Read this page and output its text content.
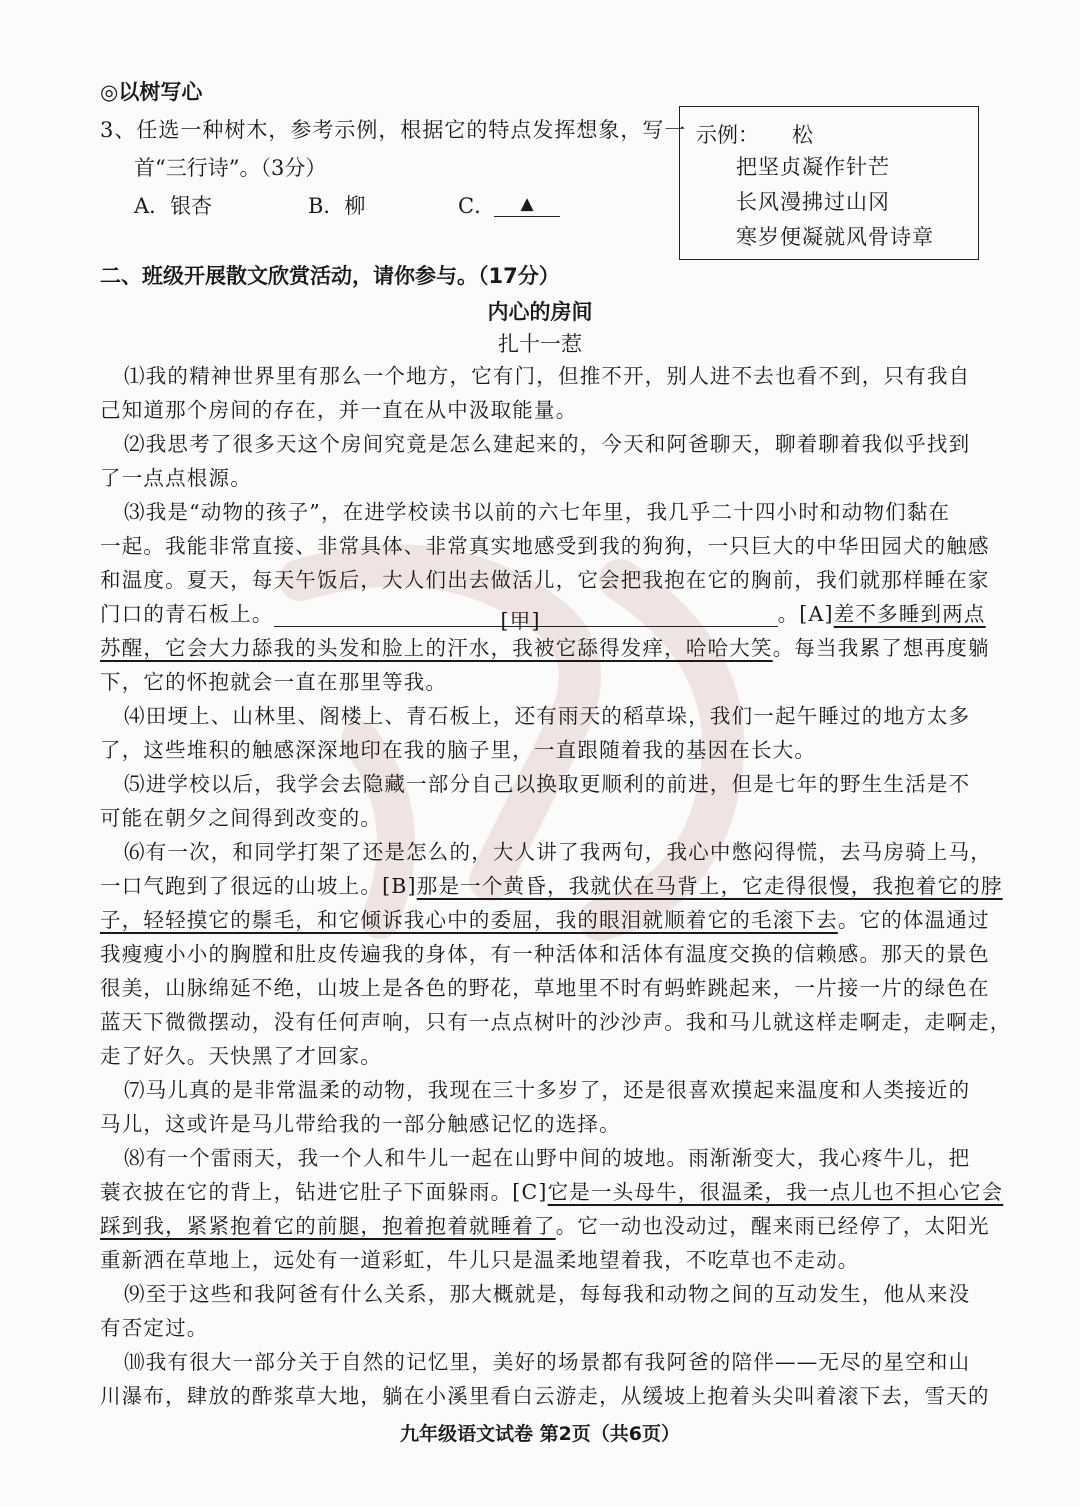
◎以树写心
3、任选一种树木，参考示例，根据它的特点发挥想象，写一
首“三行诗”。（3分）
A．银杏	B．柳	C．	▲
示例： 松
把坚贞凝作针芒
长风漫拂过山冈
寒岁便凝就风骨诗章
二、班级开展散文欣赏活动，请你参与。（17分）
内心的房间
扎十一惹
⑴我的精神世界里有那么一个地方，它有门，但推不开，别人进不去也看不到，只有我自
己知道那个房间的存在，并一直在从中汲取能量。
⑵我思考了很多天这个房间究竟是怎么建起来的，今天和阿爸聊天，聊着聊着我似乎找到
了一点点根源。
⑶我是“动物的孩子”，在进学校读书以前的六七年里，我几乎二十四小时和动物们黏在
一起。我能非常直接、非常具体、非常真实地感受到我的狗狗，一只巨大的中华田园犬的触感
和温度。夏天，每天午饭后，大人们出去做活儿，它会把我抱在它的胸前，我们就那样睡在家
门口的青石板上。	[甲]	。[A]差不多睡到两点
苏醒，它会大力舔我的头发和脸上的汗水，我被它舔得发痒，哈哈大笑。每当我累了想再度躺
下，它的怀抱就会一直在那里等我。
⑷田埂上、山林里、阁楼上、青石板上，还有雨天的稻草垛，我们一起午睡过的地方太多
了，这些堆积的触感深深地印在我的脑子里，一直跟随着我的基因在长大。
⑸进学校以后，我学会去隐藏一部分自己以换取更顺利的前进，但是七年的野生生活是不
可能在朝夕之间得到改变的。
⑹有一次，和同学打架了还是怎么的，大人讲了我两句，我心中憋闷得慌，去马房骑上马，
一口气跑到了很远的山坡上。[B]那是一个黄昏，我就伏在马背上，它走得很慢，我抱着它的脖
子，轻轻摸它的鬃毛，和它倾诉我心中的委屈，我的眼泪就顺着它的毛滚下去。它的体温通过
我瘦瘦小小的胸膛和肚皮传遍我的身体，有一种活体和活体有温度交换的信赖感。那天的景色
很美，山脉绵延不绝，山坡上是各色的野花，草地里不时有蚂蚱跳起来，一片接一片的绿色在
蓝天下微微摆动，没有任何声响，只有一点点树叶的沙沙声。我和马儿就这样走啊走，走啊走，
走了好久。天快黑了才回家。
⑺马儿真的是非常温柔的动物，我现在三十多岁了，还是很喜欢摸起来温度和人类接近的
马儿，这或许是马儿带给我的一部分触感记忆的选择。
⑻有一个雷雨天，我一个人和牛儿一起在山野中间的坡地。雨渐渐变大，我心疼牛儿，把
蓑衣披在它的背上，钻进它肚子下面躲雨。[C]它是一头母牛，很温柔，我一点儿也不担心它会
踩到我，紧紧抱着它的前腿，抱着抱着就睡着了。它一动也没动过，醒来雨已经停了，太阳光
重新洒在草地上，远处有一道彩虹，牛儿只是温柔地望着我，不吃草也不走动。
⑼至于这些和我阿爸有什么关系，那大概就是，每每我和动物之间的互动发生，他从来没
有否定过。
⑽我有很大一部分关于自然的记忆里，美好的场景都有我阿爸的陪伴——无尽的星空和山
川瀑布，肆放的酢浆草大地，躺在小溪里看白云游走，从缓坡上抱着头尖叫着滚下去，雪天的
九年级语文试卷 第2页（共6页）
